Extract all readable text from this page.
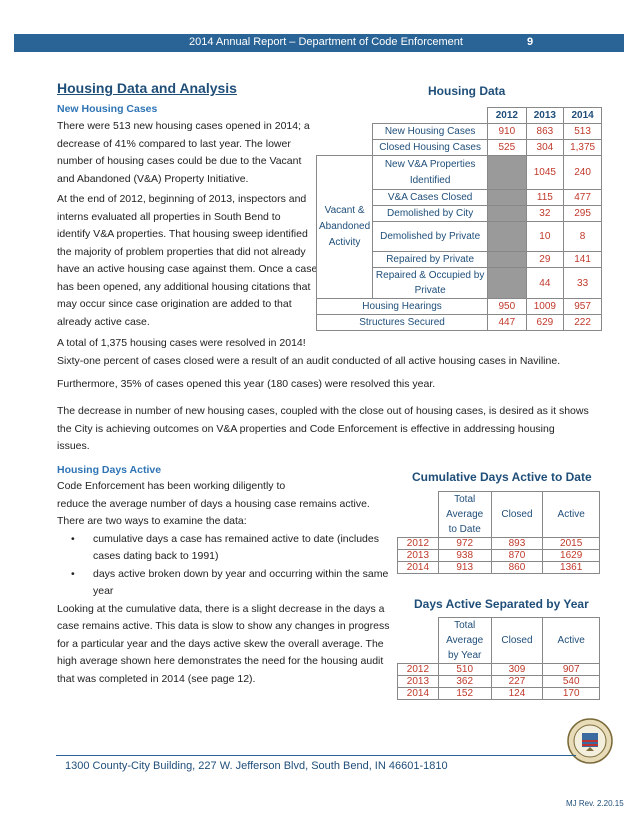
2014 Annual Report – Department of Code Enforcement	9
Housing Data and Analysis
New Housing Cases

There were 513 new housing cases opened in 2014; a

decrease of 41% compared to last year. The lower

number of housing cases could be due to the Vacant

and Abandoned (V&A) Property Initiative.

At the end of 2012, beginning of 2013, inspectors and

interns evaluated all properties in South Bend to

identify V&A properties. That housing sweep identified

the majority of problem properties that did not already

have an active housing case against them. Once a case

has been opened, any additional housing citations that

may occur since case origination are added to that

already active case.

Housing Data
		2012	2013	2014
	New Housing Cases	910	863	513
	Closed Housing Cases	525	304	1,375
Vacant & Abandoned Activity	New V&A Properties Identified		1045	240
	V&A Cases Closed		115	477
	Demolished by City		32	295
	Demolished by Private		10	8
	Repaired by Private		29	141
	Repaired & Occupied by Private		44	33
Housing Hearings		950	1009	957
Structures Secured		447	629	222

A total of 1,375 housing cases were resolved in 2014!

Sixty-one percent of cases closed were a result of an audit conducted of all active housing cases in Naviline.

Furthermore, 35% of cases opened this year (180 cases) were resolved this year.

The decrease in number of new housing cases, coupled with the close out of housing cases, is desired as it shows

the City is achieving outcomes on V&A properties and Code Enforcement is effective in addressing housing

issues.

Housing Days Active

Code Enforcement has been working diligently to

reduce the average number of days a housing case remains active.

There are two ways to examine the data:

• cumulative days a case has remained active to date (includes
cases dating back to 1991)
• days active broken down by year and occurring within the same
year

Looking at the cumulative data, there is a slight decrease in the days a

case remains active. This data is slow to show any changes in progress

for a particular year and the days active skew the overall average. The

high average shown here demonstrates the need for the housing audit

that was completed in 2014 (see page 12).

Cumulative Days Active to Date
	Total
Average
to Date	Closed	Active
2012	972	893	2015
2013	938	870	1629
2014	913	860	1361
Days Active Separated by Year
	Total
Average
by Year	Closed	Active
2012	510	309	907
2013	362	227	540
2014	152	124	170
1300 County-City Building, 227 W. Jefferson Blvd, South Bend, IN 46601-1810
MJ Rev. 2.20.15
